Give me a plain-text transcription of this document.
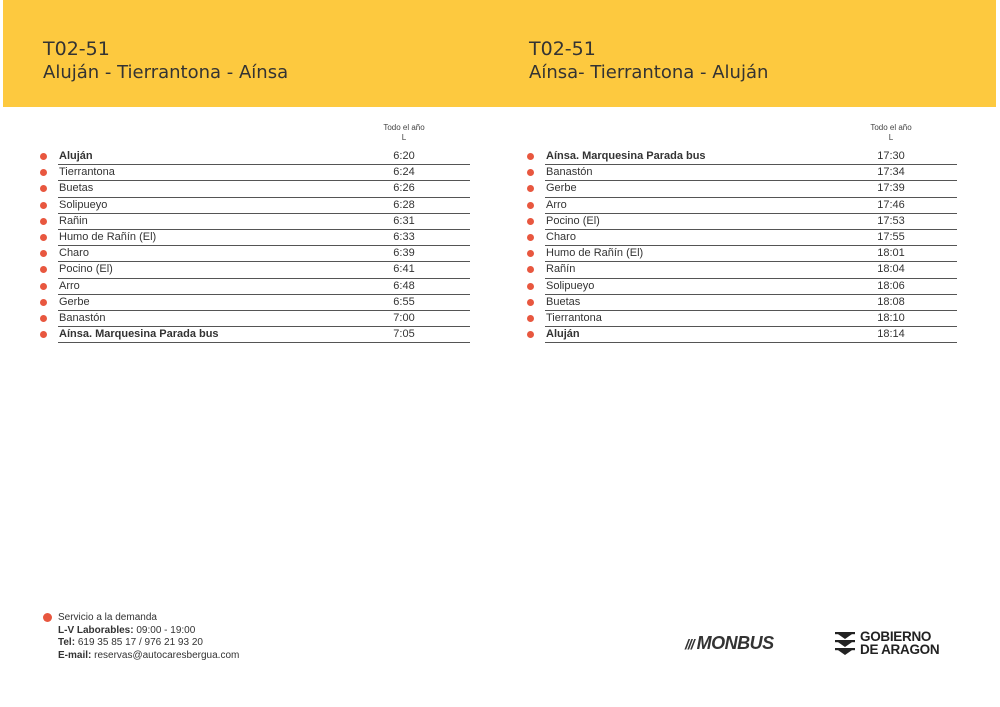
T02-51
Aluján - Tierrantona - Aínsa
T02-51
Aínsa- Tierrantona - Aluján
Todo el año
L
Aluján	6:20
Tierrantona	6:24
Buetas	6:26
Solipueyo	6:28
Rañin	6:31
Humo de Rañín (El)	6:33
Charo	6:39
Pocino (El)	6:41
Arro	6:48
Gerbe	6:55
Banastón	7:00
Aínsa. Marquesina Parada bus	7:05
Todo el año
L
Aínsa. Marquesina Parada bus	17:30
Banastón	17:34
Gerbe	17:39
Arro	17:46
Pocino (El)	17:53
Charo	17:55
Humo de Rañín (El)	18:01
Rañín	18:04
Solipueyo	18:06
Buetas	18:08
Tierrantona	18:10
Aluján	18:14
Servicio a la demanda
L-V Laborables: 09:00 - 19:00
Tel: 619 35 85 17 / 976 21 93 20
E-mail: reservas@autocaresbergua.com
/// MONBUS	GOBIERNO
DE ARAGON
